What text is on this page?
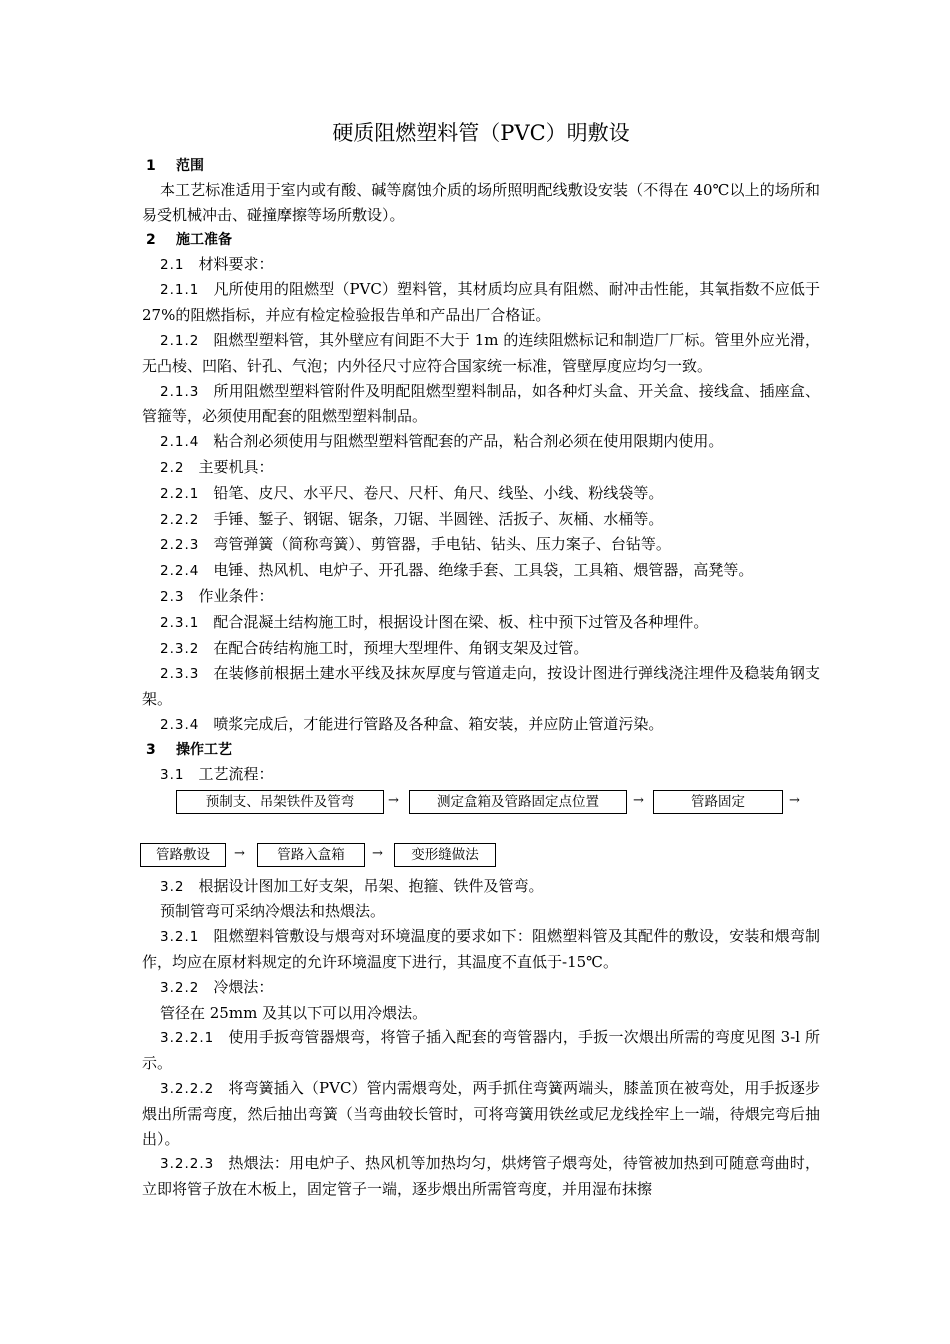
硬质阻燃塑料管（PVC）明敷设
1 范围

本工艺标准适用于室内或有酸、碱等腐蚀介质的场所照明配线敷设安装（不得在 40℃以上的场所和易受机械冲击、碰撞摩擦等场所敷设）。

2 施工准备

2.1 材料要求：

2.1.1 凡所使用的阻燃型（PVC）塑料管，其材质均应具有阻燃、耐冲击性能，其氧指数不应低于 27%的阻燃指标，并应有检定检验报告单和产品出厂合格证。

2.1.2 阻燃型塑料管，其外壁应有间距不大于 1m 的连续阻燃标记和制造厂厂标。管里外应光滑，无凸棱、凹陷、针孔、气泡；内外径尺寸应符合国家统一标准，管壁厚度应均匀一致。

2.1.3 所用阻燃型塑料管附件及明配阻燃型塑料制品，如各种灯头盒、开关盒、接线盒、插座盒、管箍等，必须使用配套的阻燃型塑料制品。

2.1.4 粘合剂必须使用与阻燃型塑料管配套的产品，粘合剂必须在使用限期内使用。

2.2 主要机具：

2.2.1 铅笔、皮尺、水平尺、卷尺、尺杆、角尺、线坠、小线、粉线袋等。

2.2.2 手锤、錾子、钢锯、锯条，刀锯、半圆锉、活扳子、灰桶、水桶等。

2.2.3 弯管弹簧（简称弯簧）、剪管器，手电钻、钻头、压力案子、台钻等。

2.2.4 电锤、热风机、电炉子、开孔器、绝缘手套、工具袋，工具箱、煨管器，高凳等。

2.3 作业条件：

2.3.1 配合混凝土结构施工时，根据设计图在梁、板、柱中预下过管及各种埋件。

2.3.2 在配合砖结构施工时，预埋大型埋件、角钢支架及过管。

2.3.3 在装修前根据土建水平线及抹灰厚度与管道走向，按设计图进行弹线浇注埋件及稳装角钢支架。

2.3.4 喷浆完成后，才能进行管路及各种盒、箱安装，并应防止管道污染。

3 操作工艺

3.1 工艺流程：

预制支、吊架铁件及管弯	→	测定盒箱及管路固定点位置	→	管路固定	→
管路敷设	→	管路入盒箱	→	变形缝做法

3.2 根据设计图加工好支架，吊架、抱箍、铁件及管弯。

预制管弯可采纳冷煨法和热煨法。

3.2.1 阻燃塑料管敷设与煨弯对环境温度的要求如下：阻燃塑料管及其配件的敷设，安装和煨弯制作，均应在原材料规定的允许环境温度下进行，其温度不直低于-15℃。

3.2.2 冷煨法：

管径在 25mm 及其以下可以用冷煨法。

3.2.2.1 使用手扳弯管器煨弯，将管子插入配套的弯管器内，手扳一次煨出所需的弯度见图 3-l 所示。

3.2.2.2 将弯簧插入（PVC）管内需煨弯处，两手抓住弯簧两端头，膝盖顶在被弯处，用手扳逐步煨出所需弯度，然后抽出弯簧（当弯曲较长管时，可将弯簧用铁丝或尼龙线拴牢上一端，待煨完弯后抽出）。

3.2.2.3 热煨法：用电炉子、热风机等加热均匀，烘烤管子煨弯处，待管被加热到可随意弯曲时，立即将管子放在木板上，固定管子一端，逐步煨出所需管弯度，并用湿布抹擦
